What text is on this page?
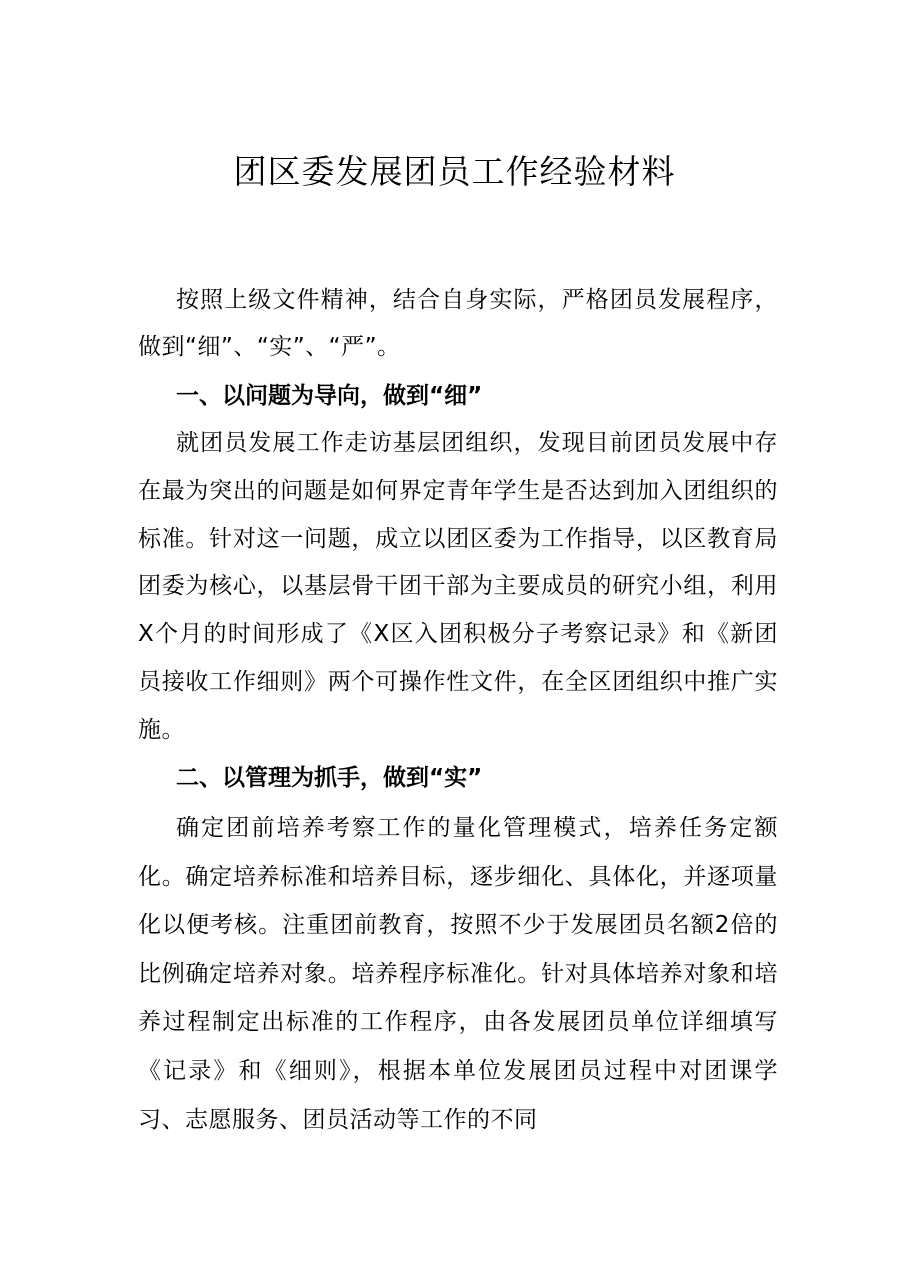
团区委发展团员工作经验材料

按照上级文件精神，结合自身实际，严格团员发展程序，做到“细”、“实”、“严”。

一、以问题为导向，做到“细”

就团员发展工作走访基层团组织，发现目前团员发展中存在最为突出的问题是如何界定青年学生是否达到加入团组织的标准。针对这一问题，成立以团区委为工作指导，以区教育局团委为核心，以基层骨干团干部为主要成员的研究小组，利用X个月的时间形成了《X区入团积极分子考察记录》和《新团员接收工作细则》两个可操作性文件，在全区团组织中推广实施。

二、以管理为抓手，做到“实”

确定团前培养考察工作的量化管理模式，培养任务定额化。确定培养标准和培养目标，逐步细化、具体化，并逐项量化以便考核。注重团前教育，按照不少于发展团员名额2倍的比例确定培养对象。培养程序标准化。针对具体培养对象和培养过程制定出标准的工作程序，由各发展团员单位详细填写《记录》和《细则》，根据本单位发展团员过程中对团课学习、志愿服务、团员活动等工作的不同
